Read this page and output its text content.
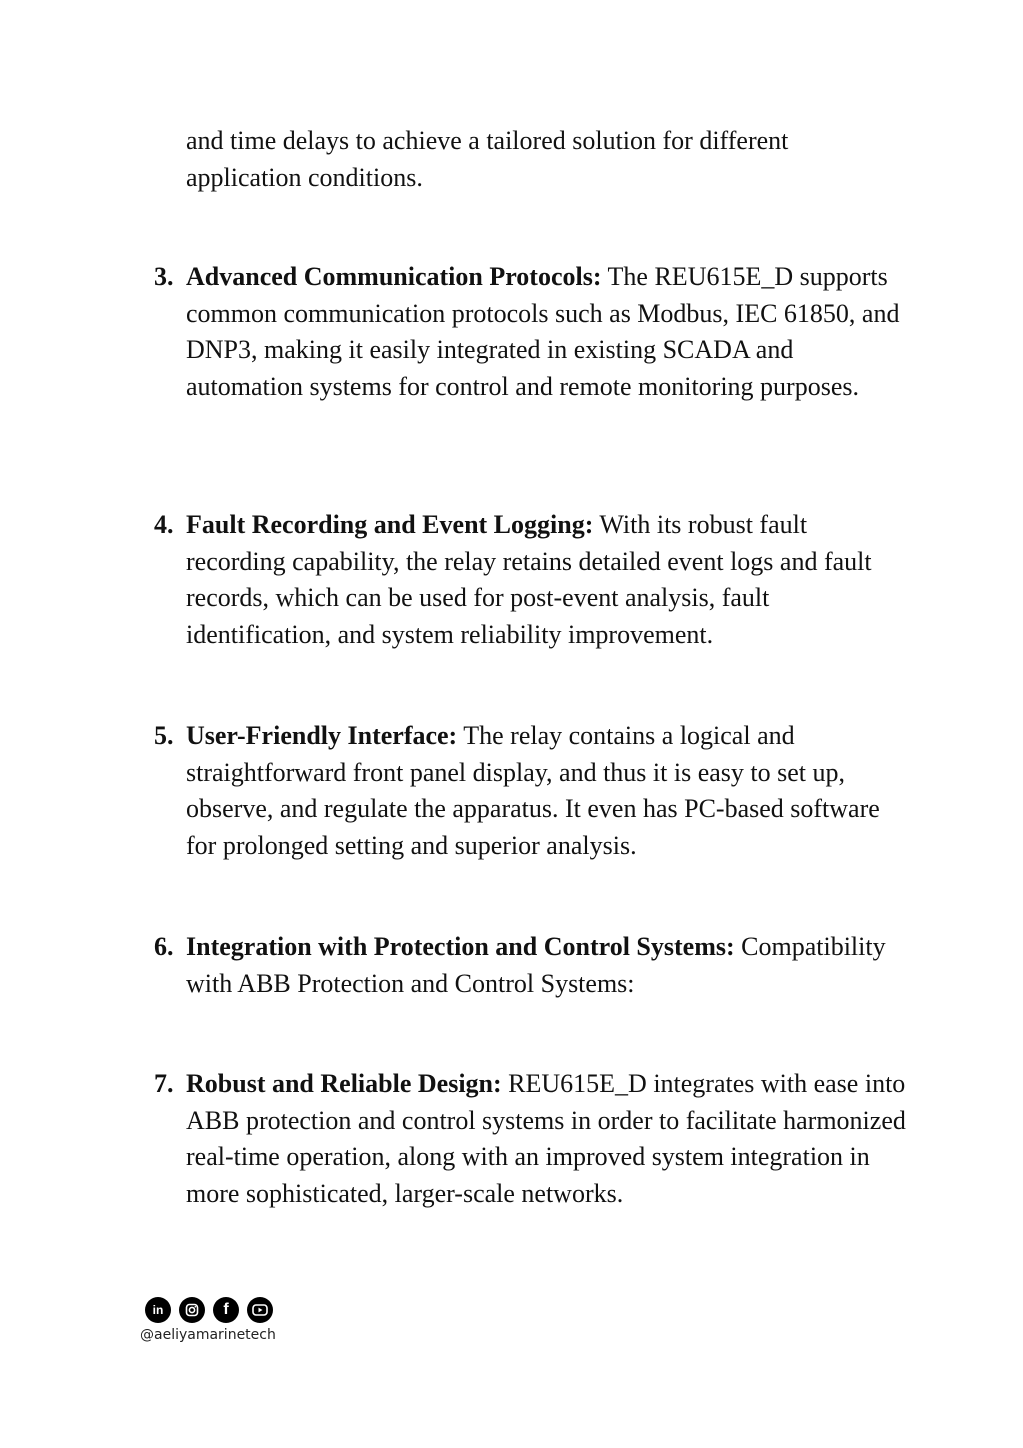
and time delays to achieve a tailored solution for different application conditions.

3. Advanced Communication Protocols: The REU615E_D supports common communication protocols such as Modbus, IEC 61850, and DNP3, making it easily integrated in existing SCADA and automation systems for control and remote monitoring purposes.
4. Fault Recording and Event Logging: With its robust fault recording capability, the relay retains detailed event logs and fault records, which can be used for post-event analysis, fault identification, and system reliability improvement.
5. User-Friendly Interface: The relay contains a logical and straightforward front panel display, and thus it is easy to set up, observe, and regulate the apparatus. It even has PC-based software for prolonged setting and superior analysis.
6. Integration with Protection and Control Systems: Compatibility with ABB Protection and Control Systems:
7. Robust and Reliable Design: REU615E_D integrates with ease into ABB protection and control systems in order to facilitate harmonized real-time operation, along with an improved system integration in more sophisticated, larger-scale networks.
in	f
@aeliyamarinetech
